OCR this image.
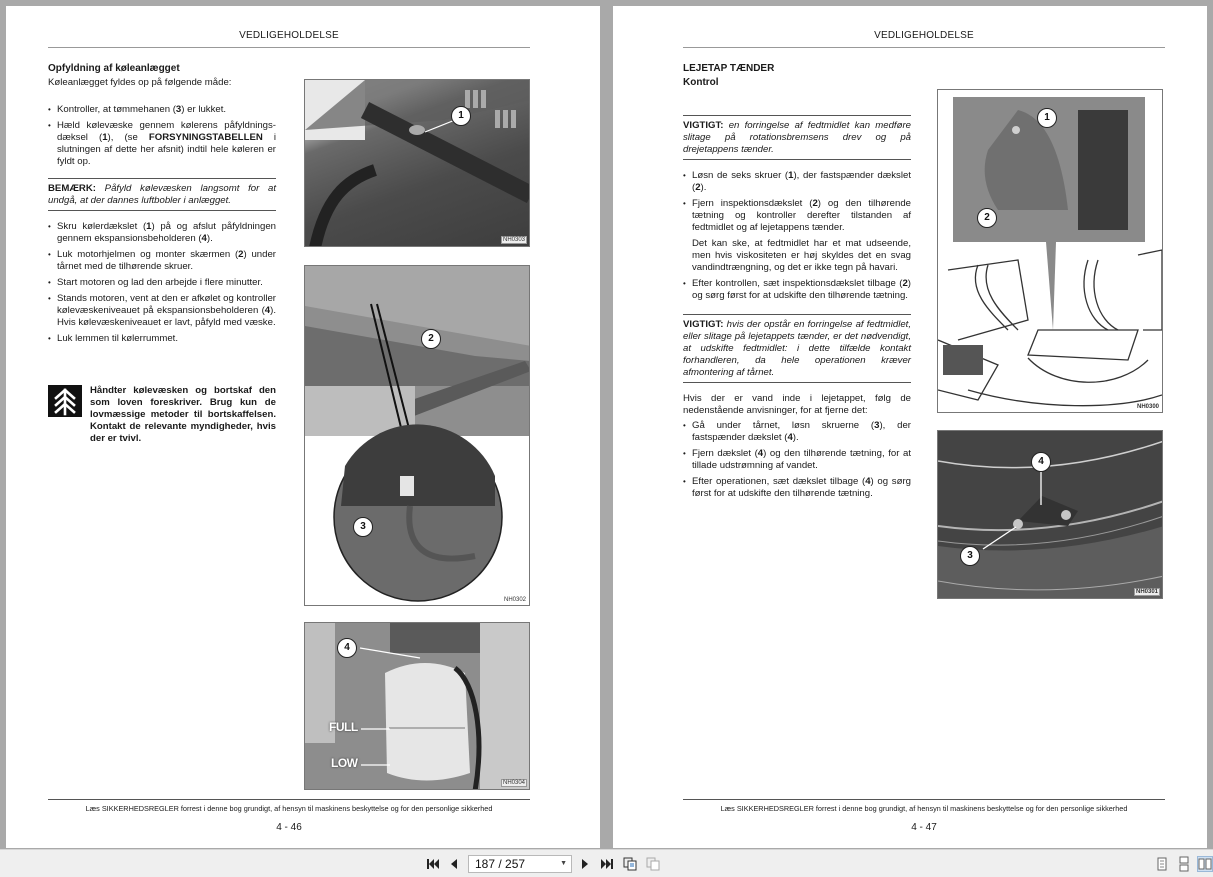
VEDLIGEHOLDELSE
Opfyldning af køleanlægget
Køleanlægget fyldes op på følgende måde:
• Kontroller, at tømmehanen (3) er lukket.
• Hæld kølevæske gennem kølerens påfyldnings-dæksel (1), (se FORSYNINGSTABELLEN i slutningen af dette her afsnit) indtil hele køleren er fyldt op.
BEMÆRK: Påfyld kølevæsken langsomt for at undgå, at der dannes luftbobler i anlægget.
• Skru kølerdækslet (1) på og afslut påfyldningen gennem ekspansionsbeholderen (4).
• Luk motorhjelmen og monter skærmen (2) under tårnet med de tilhørende skruer.
• Start motoren og lad den arbejde i flere minutter.
• Stands motoren, vent at den er afkølet og kontroller kølevæskeniveauet på ekspansionsbeholderen (4). Hvis kølevæskeniveauet er lavt, påfyld med væske.
• Luk lemmen til kølerrummet.
Håndter kølevæsken og bortskaf den som loven foreskriver. Brug kun de lovmæssige metoder til bortskaffelsen. Kontakt de relevante myndigheder, hvis der er tvivl.
1
NH0303
2
3
NH0302
4
FULL
LOW
NH0304
Læs SIKKERHEDSREGLER forrest i denne bog grundigt, af hensyn til maskinens beskyttelse og for den personlige sikkerhed
4 - 46
VEDLIGEHOLDELSE
LEJETAP TÆNDER
Kontrol
VIGTIGT: en forringelse af fedtmidlet kan medføre slitage på rotationsbremsens drev og på drejetappens tænder.
• Løsn de seks skruer (1), der fastspænder dækslet (2).
• Fjern inspektionsdækslet (2) og den tilhørende tætning og kontroller derefter tilstanden af fedtmidlet og af lejetappens tænder.
Det kan ske, at fedtmidlet har et mat udseende, men hvis viskositeten er høj skyldes det en svag vandindtrængning, og det er ikke tegn på havari.
• Efter kontrollen, sæt inspektionsdækslet tilbage (2) og sørg først for at udskifte den tilhørende tætning.
VIGTIGT: hvis der opstår en forringelse af fedtmidlet, eller slitage på lejetappets tænder, er det nødvendigt, at udskifte fedtmidlet: i dette tilfælde kontakt forhandleren, da hele operationen kræver afmontering af tårnet.
Hvis der er vand inde i lejetappet, følg de nedenstående anvisninger, for at fjerne det:
• Gå under tårnet, løsn skruerne (3), der fastspænder dækslet (4).
• Fjern dækslet (4) og den tilhørende tætning, for at tillade udstrømning af vandet.
• Efter operationen, sæt dækslet tilbage (4) og sørg først for at udskifte den tilhørende tætning.
1
2
NH0300
4
3
NH0301
Læs SIKKERHEDSREGLER forrest i denne bog grundigt, af hensyn til maskinens beskyttelse og for den personlige sikkerhed
4 - 47
187 / 257	▼
